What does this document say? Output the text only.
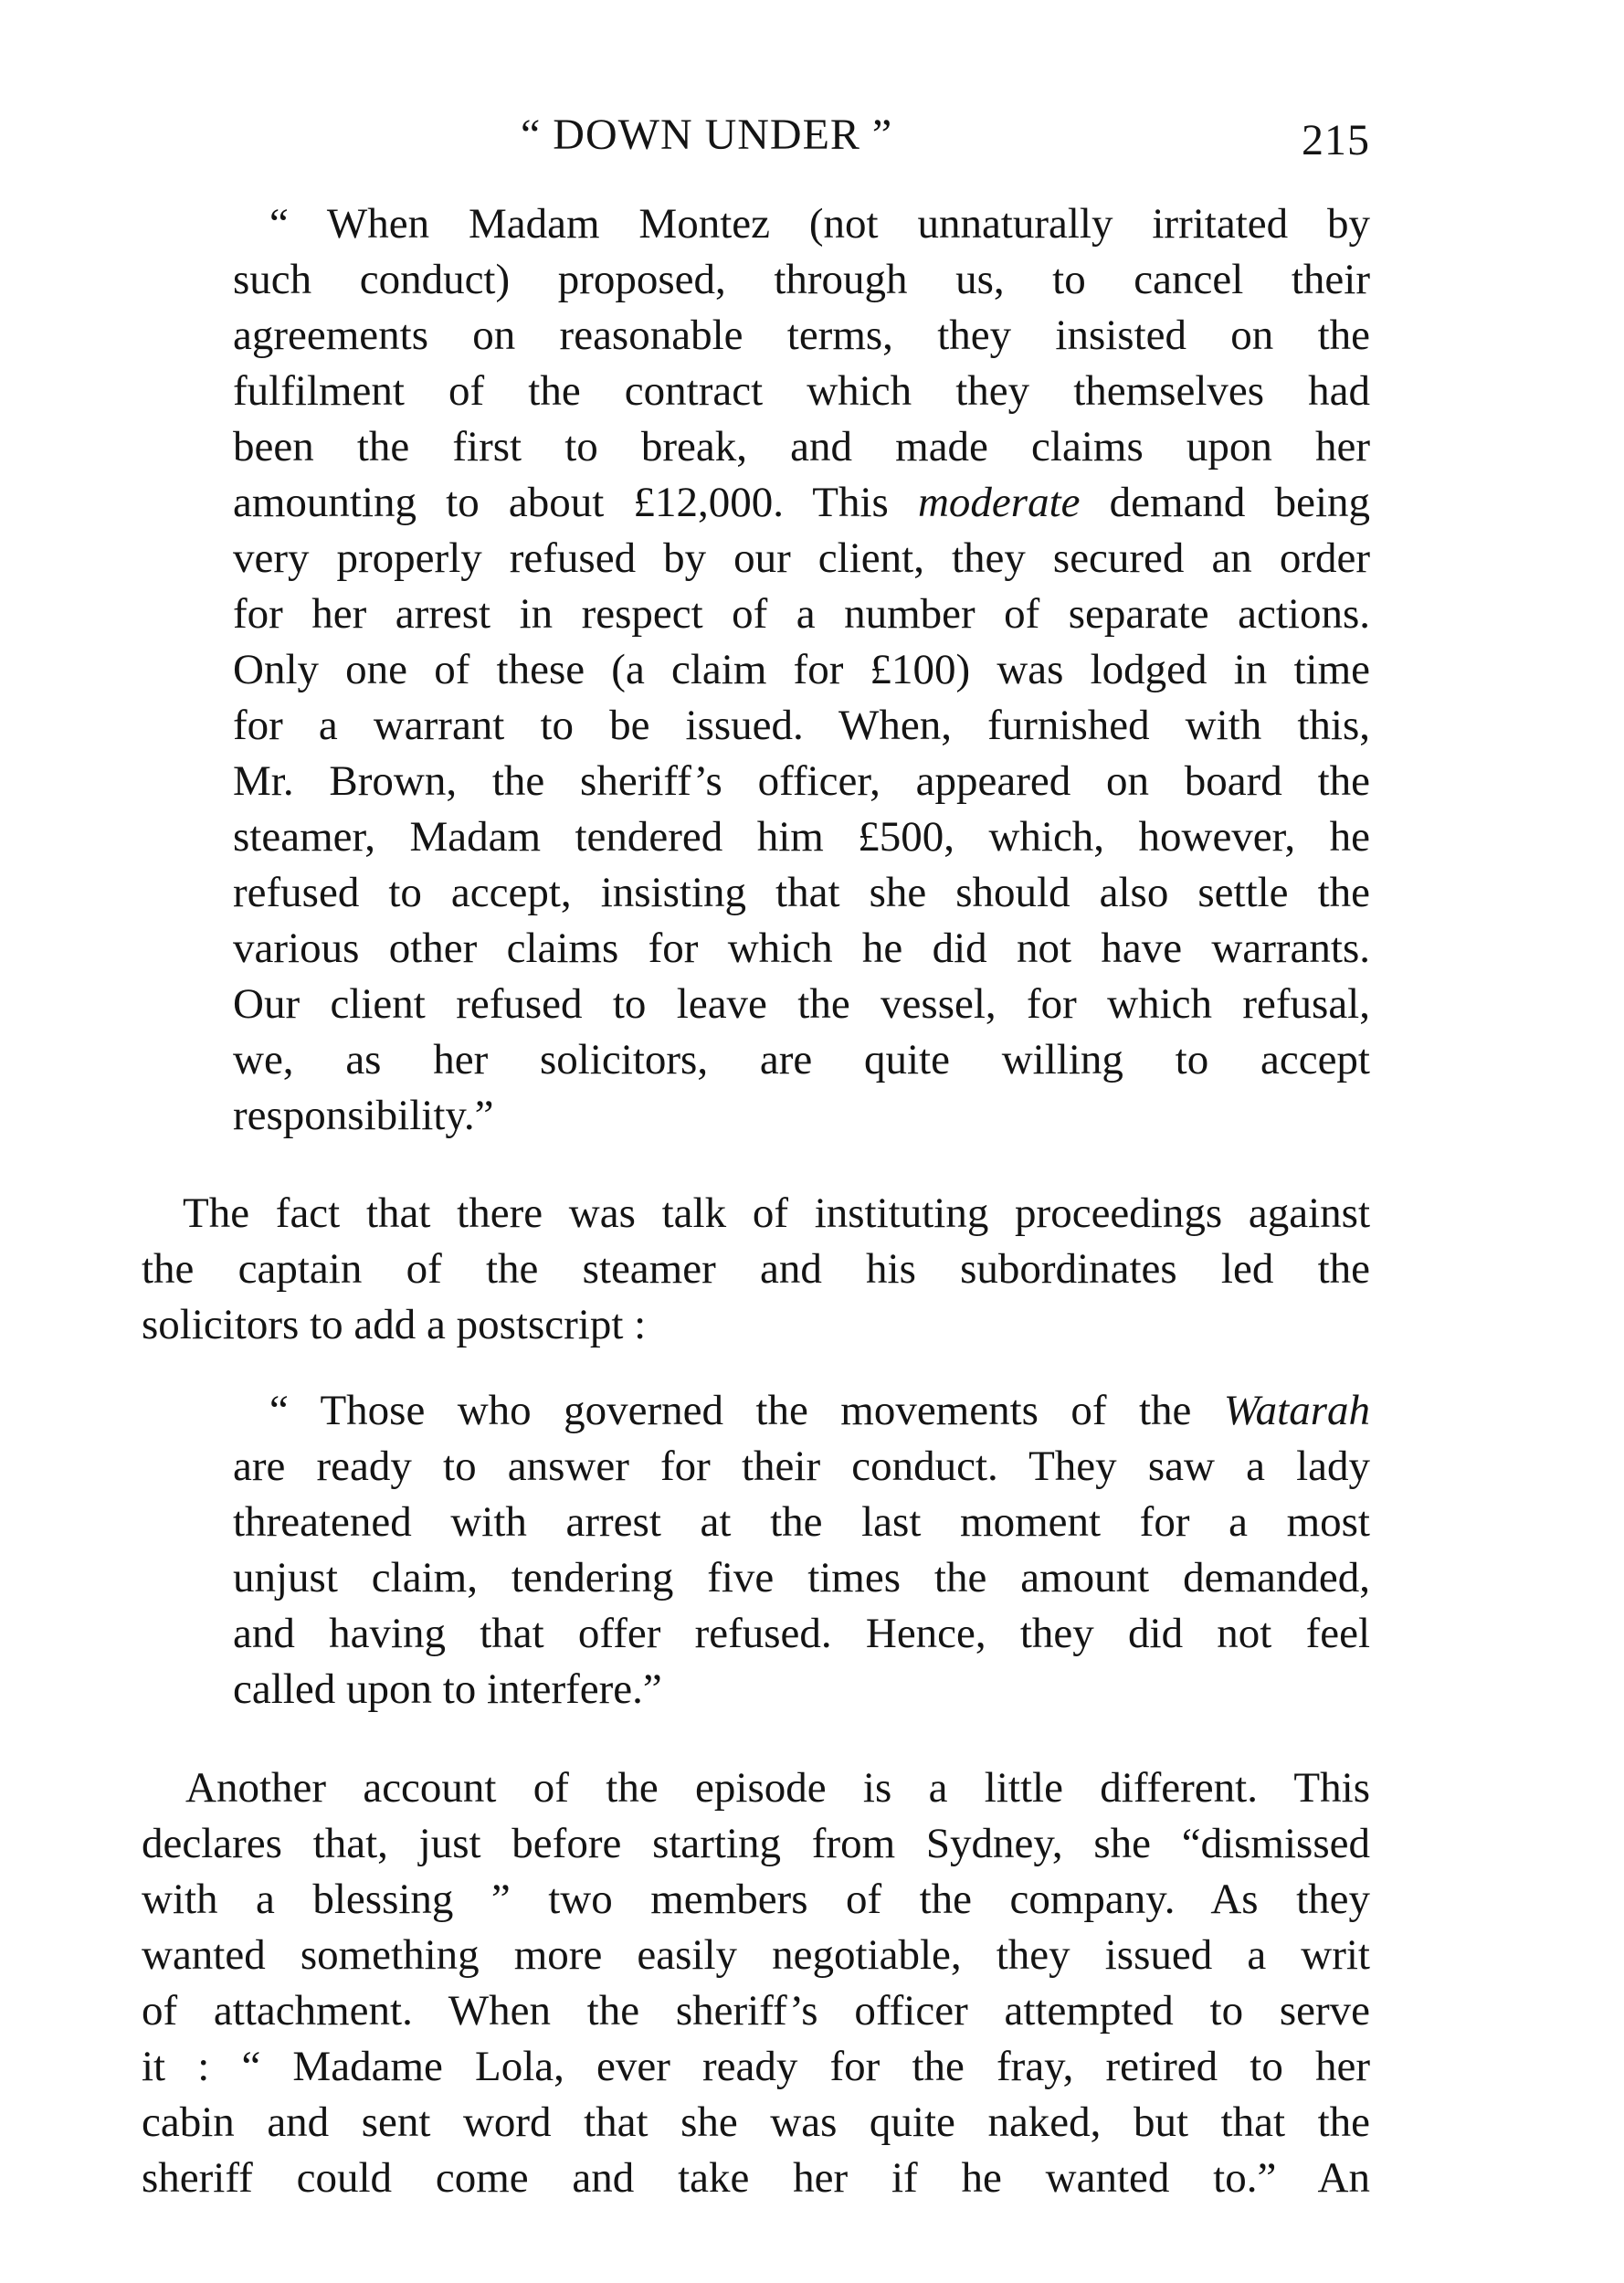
“ DOWN UNDER ”	215
“ When Madam Montez (not unnaturally irritated by
such conduct) proposed, through us, to cancel their
agreements on reasonable terms, they insisted on the
fulfilment of the contract which they themselves had
been the first to break, and made claims upon her
amounting to about £12,000. This moderate demand being
very properly refused by our client, they secured an order
for her arrest in respect of a number of separate actions.
Only one of these (a claim for £100) was lodged in time
for a warrant to be issued. When, furnished with this,
Mr. Brown, the sheriff’s officer, appeared on board the
steamer, Madam tendered him £500, which, however, he
refused to accept, insisting that she should also settle the
various other claims for which he did not have warrants.
Our client refused to leave the vessel, for which refusal,
we, as her solicitors, are quite willing to accept
responsibility.”
The fact that there was talk of instituting proceedings against
the captain of the steamer and his subordinates led the
solicitors to add a postscript :
“ Those who governed the movements of the Watarah
are ready to answer for their conduct. They saw a lady
threatened with arrest at the last moment for a most
unjust claim, tendering five times the amount demanded,
and having that offer refused. Hence, they did not feel
called upon to interfere.”
Another account of the episode is a little different. This
declares that, just before starting from Sydney, she “dismissed
with a blessing ” two members of the company. As they
wanted something more easily negotiable, they issued a writ
of attachment. When the sheriff’s officer attempted to serve
it : “ Madame Lola, ever ready for the fray, retired to her
cabin and sent word that she was quite naked, but that the
sheriff could come and take her if he wanted to.” An
